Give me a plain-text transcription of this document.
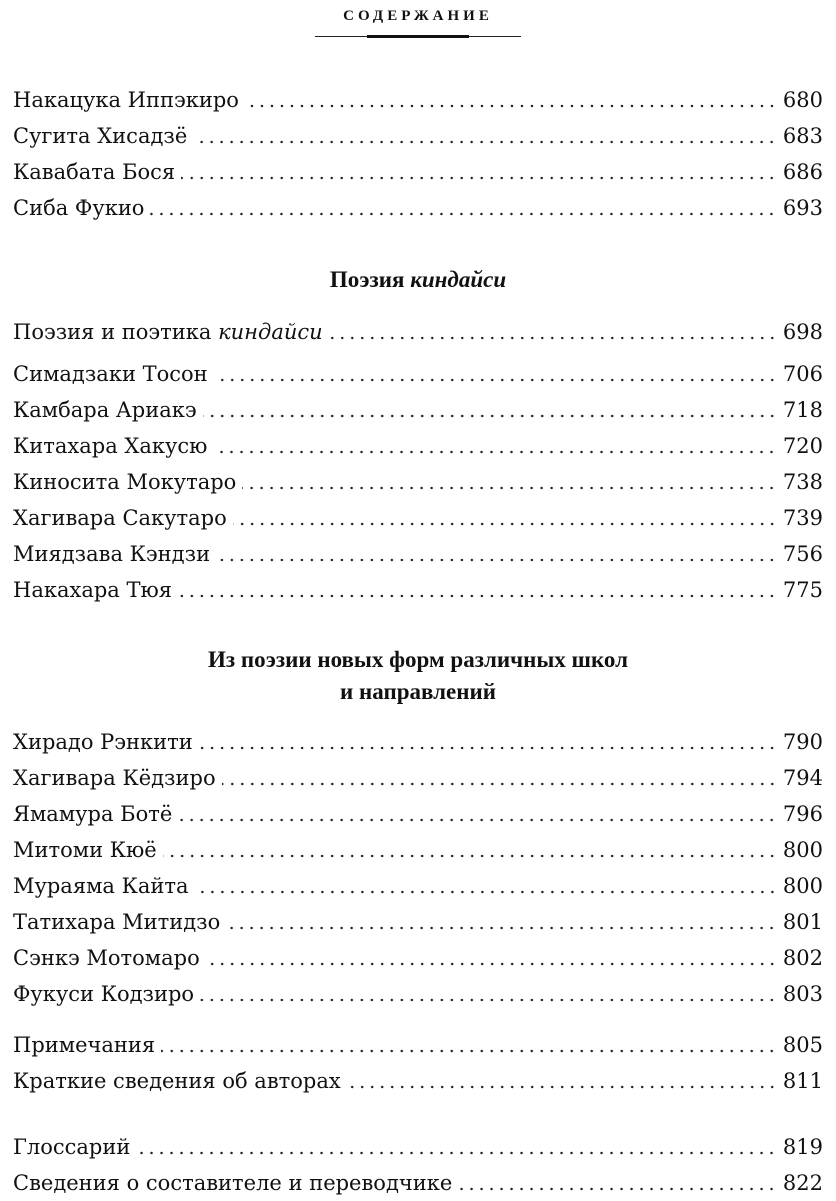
СОДЕРЖАНИЕ
Накацука Иппэкиро	680
Сугита Хисадзё	683
Кавабата Бося	686
Сиба Фукио	693
Поэзия киндайси
Поэзия и поэтика киндайси	698
Симадзаки Тосон	706
Камбара Ариакэ	718
Китахара Хакусю	720
Киносита Мокутаро	738
Хагивара Сакутаро	739
Миядзава Кэндзи	756
Накахара Тюя	775
Из поэзии новых форм различных школ
и направлений
Хирадо Рэнкити	790
Хагивара Кёдзиро	794
Ямамура Ботё	796
Митоми Кюё	800
Мураяма Кайта	800
Татихара Митидзо	801
Сэнкэ Мотомаро	802
Фукуси Кодзиро	803
Примечания	805
Краткие сведения об авторах	811
Глоссарий	819
Сведения о составителе и переводчике	822
